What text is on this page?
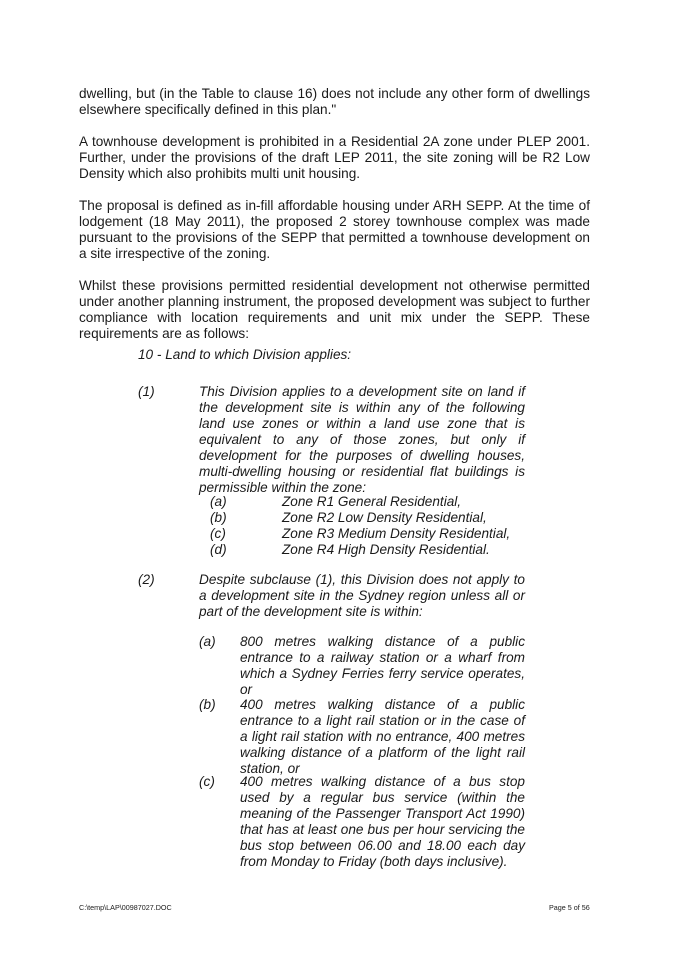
dwelling, but (in the Table to clause 16) does not include any other form of dwellings
elsewhere specifically defined in this plan."
A townhouse development is prohibited in a Residential 2A zone under PLEP 2001.
Further, under the provisions of the draft LEP 2011, the site zoning will be R2 Low
Density which also prohibits multi unit housing.
The proposal is defined as in-fill affordable housing under ARH SEPP. At the time of
lodgement (18 May 2011), the proposed 2 storey townhouse complex was made
pursuant to the provisions of the SEPP that permitted a townhouse development on
a site irrespective of the zoning.
Whilst these provisions permitted residential development not otherwise permitted
under another planning instrument, the proposed development was subject to further
compliance with location requirements and unit mix under the SEPP. These
requirements are as follows:
10 - Land to which Division applies:
(1)	This Division applies to a development site on land if
the development site is within any of the following
land use zones or within a land use zone that is
equivalent to any of those zones, but only if
development for the purposes of dwelling houses,
multi-dwelling housing or residential flat buildings is
permissible within the zone:
(a)	Zone R1 General Residential,
(b)	Zone R2 Low Density Residential,
(c)	Zone R3 Medium Density Residential,
(d)	Zone R4 High Density Residential.
(2)	Despite subclause (1), this Division does not apply to
a development site in the Sydney region unless all or
part of the development site is within:
(a) 800 metres walking distance of a public
entrance to a railway station or a wharf from
which a Sydney Ferries ferry service operates,
or
(b) 400 metres walking distance of a public
entrance to a light rail station or in the case of
a light rail station with no entrance, 400 metres
walking distance of a platform of the light rail
station, or
(c) 400 metres walking distance of a bus stop
used by a regular bus service (within the
meaning of the Passenger Transport Act 1990)
that has at least one bus per hour servicing the
bus stop between 06.00 and 18.00 each day
from Monday to Friday (both days inclusive).
C:\temp\LAP\00987027.DOC	Page 5 of 56
